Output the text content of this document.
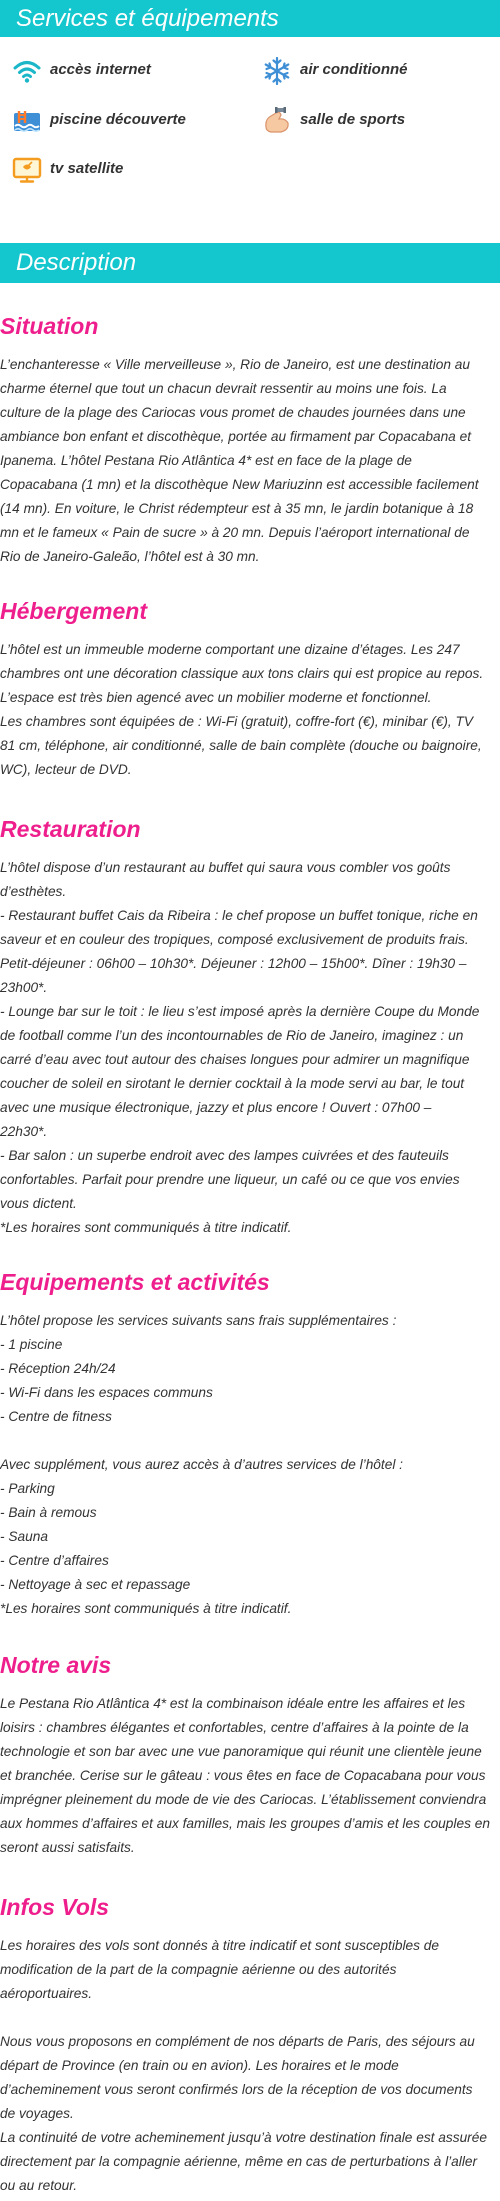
Services et équipements
accès internet	air conditionné
piscine découverte	salle de sports
tv satellite
Description
Situation

L’enchanteresse « Ville merveilleuse », Rio de Janeiro, est une destination au
charme éternel que tout un chacun devrait ressentir au moins une fois. La
culture de la plage des Cariocas vous promet de chaudes journées dans une
ambiance bon enfant et discothèque, portée au firmament par Copacabana et
Ipanema. L’hôtel Pestana Rio Atlântica 4* est en face de la plage de
Copacabana (1 mn) et la discothèque New Mariuzinn est accessible facilement
(14 mn). En voiture, le Christ rédempteur est à 35 mn, le jardin botanique à 18
mn et le fameux « Pain de sucre » à 20 mn. Depuis l’aéroport international de
Rio de Janeiro-Galeão, l’hôtel est à 30 mn.

Hébergement

L’hôtel est un immeuble moderne comportant une dizaine d’étages. Les 247
chambres ont une décoration classique aux tons clairs qui est propice au repos.
L’espace est très bien agencé avec un mobilier moderne et fonctionnel.
Les chambres sont équipées de : Wi-Fi (gratuit), coffre-fort (€), minibar (€), TV
81 cm, téléphone, air conditionné, salle de bain complète (douche ou baignoire,
WC), lecteur de DVD.

Restauration

L’hôtel dispose d’un restaurant au buffet qui saura vous combler vos goûts
d’esthètes.
- Restaurant buffet Cais da Ribeira : le chef propose un buffet tonique, riche en
saveur et en couleur des tropiques, composé exclusivement de produits frais.
Petit-déjeuner : 06h00 – 10h30*. Déjeuner : 12h00 – 15h00*. Dîner : 19h30 –
23h00*.
- Lounge bar sur le toit : le lieu s’est imposé après la dernière Coupe du Monde
de football comme l’un des incontournables de Rio de Janeiro, imaginez : un
carré d’eau avec tout autour des chaises longues pour admirer un magnifique
coucher de soleil en sirotant le dernier cocktail à la mode servi au bar, le tout
avec une musique électronique, jazzy et plus encore ! Ouvert : 07h00 –
22h30*.
- Bar salon : un superbe endroit avec des lampes cuivrées et des fauteuils
confortables. Parfait pour prendre une liqueur, un café ou ce que vos envies
vous dictent.
*Les horaires sont communiqués à titre indicatif.

Equipements et activités

L’hôtel propose les services suivants sans frais supplémentaires :
- 1 piscine
- Réception 24h/24
- Wi-Fi dans les espaces communs
- Centre de fitness

Avec supplément, vous aurez accès à d’autres services de l’hôtel :
- Parking
- Bain à remous
- Sauna
- Centre d’affaires
- Nettoyage à sec et repassage
*Les horaires sont communiqués à titre indicatif.

Notre avis

Le Pestana Rio Atlântica 4* est la combinaison idéale entre les affaires et les
loisirs : chambres élégantes et confortables, centre d’affaires à la pointe de la
technologie et son bar avec une vue panoramique qui réunit une clientèle jeune
et branchée. Cerise sur le gâteau : vous êtes en face de Copacabana pour vous
imprégner pleinement du mode de vie des Cariocas. L’établissement conviendra
aux hommes d’affaires et aux familles, mais les groupes d’amis et les couples en
seront aussi satisfaits.

Infos Vols

Les horaires des vols sont donnés à titre indicatif et sont susceptibles de
modification de la part de la compagnie aérienne ou des autorités
aéroportuaires.

Nous vous proposons en complément de nos départs de Paris, des séjours au
départ de Province (en train ou en avion). Les horaires et le mode
d’acheminement vous seront confirmés lors de la réception de vos documents
de voyages.
La continuité de votre acheminement jusqu’à votre destination finale est assurée
directement par la compagnie aérienne, même en cas de perturbations à l’aller
ou au retour.
